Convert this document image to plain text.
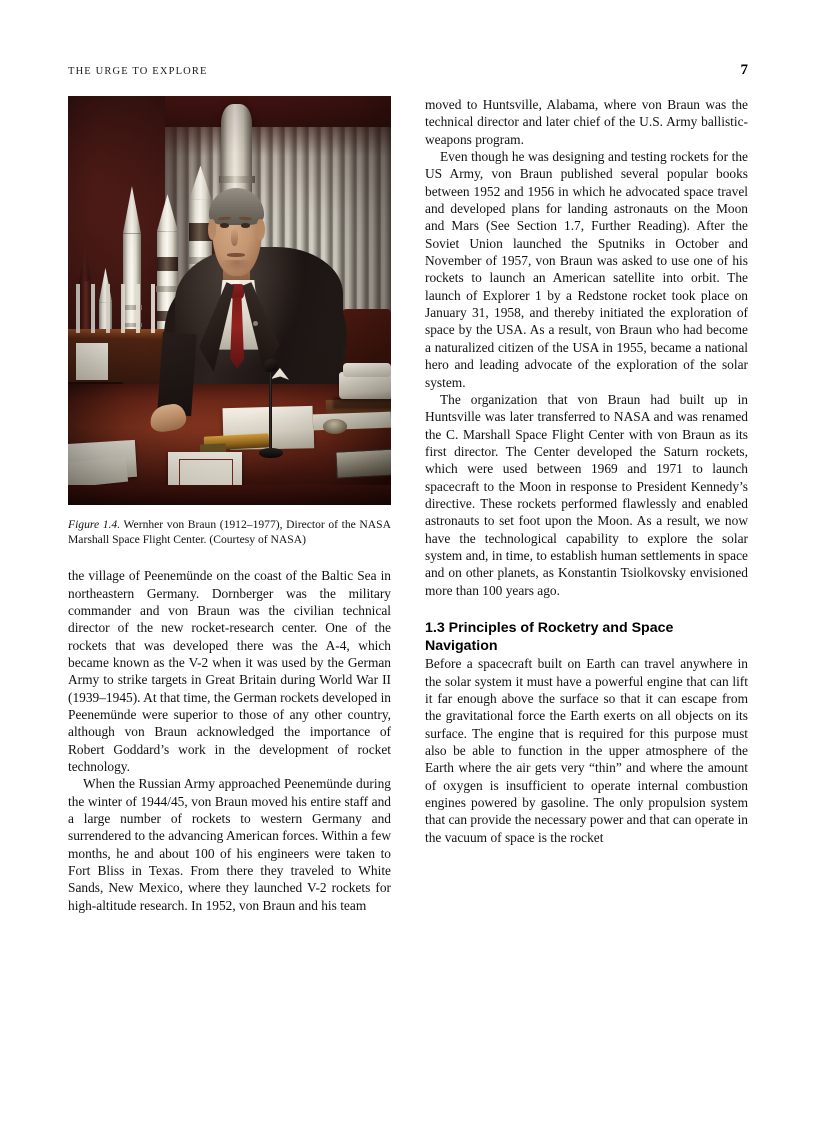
THE URGE TO EXPLORE	7
Figure 1.4. Wernher von Braun (1912–1977), Director of the NASA Marshall Space Flight Center. (Courtesy of NASA)

the village of Peenemünde on the coast of the Baltic Sea in northeastern Germany. Dornberger was the military commander and von Braun was the civilian technical director of the new rocket-research center. One of the rockets that was developed there was the A-4, which became known as the V-2 when it was used by the German Army to strike targets in Great Britain during World War II (1939–1945). At that time, the German rockets developed in Peenemünde were superior to those of any other country, although von Braun acknowledged the importance of Robert Goddard’s work in the development of rocket technology.

When the Russian Army approached Peenemünde during the winter of 1944/45, von Braun moved his entire staff and a large number of rockets to western Germany and surrendered to the advancing American forces. Within a few months, he and about 100 of his engineers were taken to Fort Bliss in Texas. From there they traveled to White Sands, New Mexico, where they launched V-2 rockets for high-altitude research. In 1952, von Braun and his team

moved to Huntsville, Alabama, where von Braun was the technical director and later chief of the U.S. Army ballistic-weapons program.

Even though he was designing and testing rockets for the US Army, von Braun published several popular books between 1952 and 1956 in which he advocated space travel and developed plans for landing astronauts on the Moon and Mars (See Section 1.7, Further Reading). After the Soviet Union launched the Sputniks in October and November of 1957, von Braun was asked to use one of his rockets to launch an American satellite into orbit. The launch of Explorer 1 by a Redstone rocket took place on January 31, 1958, and thereby initiated the exploration of space by the USA. As a result, von Braun who had become a naturalized citizen of the USA in 1955, became a national hero and leading advocate of the exploration of the solar system.

The organization that von Braun had built up in Huntsville was later transferred to NASA and was renamed the C. Marshall Space Flight Center with von Braun as its first director. The Center developed the Saturn rockets, which were used between 1969 and 1971 to launch spacecraft to the Moon in response to President Kennedy’s directive. These rockets performed flawlessly and enabled astronauts to set foot upon the Moon. As a result, we now have the technological capability to explore the solar system and, in time, to establish human settlements in space and on other planets, as Konstantin Tsiolkovsky envisioned more than 100 years ago.

1.3 Principles of Rocketry and Space Navigation

Before a spacecraft built on Earth can travel anywhere in the solar system it must have a powerful engine that can lift it far enough above the surface so that it can escape from the gravitational force the Earth exerts on all objects on its surface. The engine that is required for this purpose must also be able to function in the upper atmosphere of the Earth where the air gets very “thin” and where the amount of oxygen is insufficient to operate internal combustion engines powered by gasoline. The only propulsion system that can provide the necessary power and that can operate in the vacuum of space is the rocket
